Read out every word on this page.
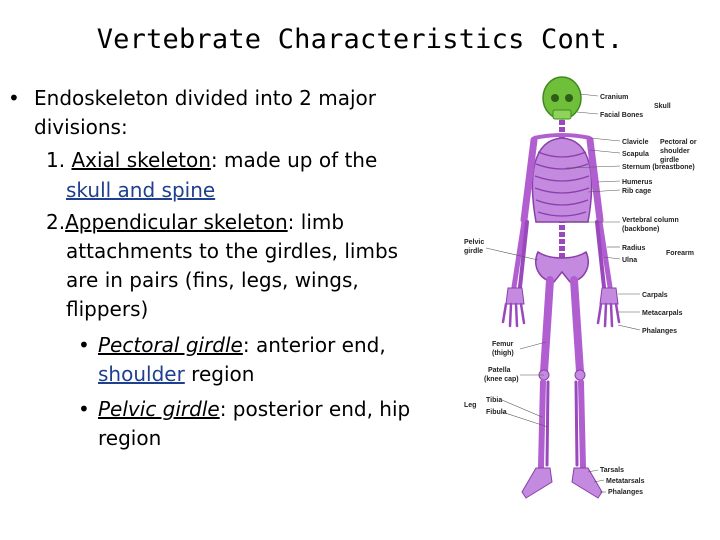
Vertebrate Characteristics Cont.
• Endoskeleton divided into 2 major
divisions:
1. Axial skeleton: made up of the
skull and spine
2.Appendicular skeleton: limb
attachments to the girdles, limbs
are in pairs (fins, legs, wings,
flippers)
• Pectoral girdle: anterior end,
shoulder region
• Pelvic girdle: posterior end, hip
region
Cranium
Facial Bones
Skull
Clavicle
Scapula
Pectoral or
shoulder
girdle
Sternum (breastbone)
Humerus
Rib cage
Vertebral column
(backbone)
Pelvic
girdle	Radius
Ulna
Forearm
Carpals
Metacarpals
Phalanges
Femur
(thigh)
Patella
(knee cap)
Leg
Tibia
Fibula
Tarsals
Metatarsals
Phalanges
